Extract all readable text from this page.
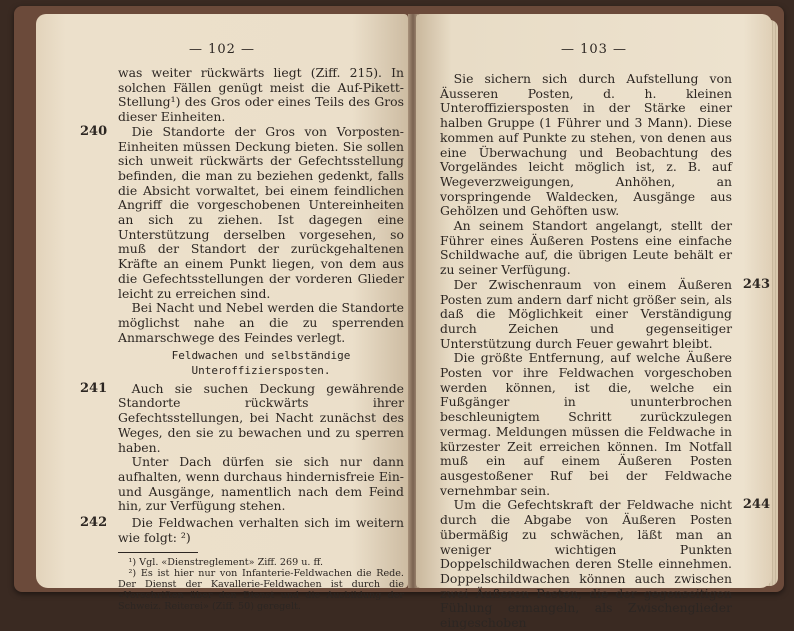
— 102 —

was weiter rückwärts liegt (Ziff. 215). In solchen Fällen genügt meist die Auf-Pikett-Stellung¹) des Gros oder eines Teils des Gros dieser Einheiten.

240	Die Standorte der Gros von Vorposten-Einheiten müssen Deckung bieten. Sie sollen sich unweit rückwärts der Gefechtsstellung befinden, die man zu beziehen gedenkt, falls die Absicht vorwaltet, bei einem feindlichen Angriff die vorgeschobenen Untereinheiten an sich zu ziehen. Ist dagegen eine Unterstützung derselben vorgesehen, so muß der Standort der zurückgehaltenen Kräfte an einem Punkt liegen, von dem aus die Gefechtsstellungen der vorderen Glieder leicht zu erreichen sind.

Bei Nacht und Nebel werden die Standorte möglichst nahe an die zu sperrenden Anmarschwege des Feindes verlegt.

Feldwachen und selbständige Unteroffiziersposten.
241	Auch sie suchen Deckung gewährende Standorte rückwärts ihrer Gefechtsstellungen, bei Nacht zunächst des Weges, den sie zu bewachen und zu sperren haben.

Unter Dach dürfen sie sich nur dann aufhalten, wenn durchaus hindernisfreie Ein- und Ausgänge, namentlich nach dem Feind hin, zur Verfügung stehen.

242	Die Feldwachen verhalten sich im weitern wie folgt: ²)

¹) Vgl. «Dienstreglement» Ziff. 269 u. ff.

²) Es ist hier nur von Infanterie-Feldwachen die Rede. Der Dienst der Kavallerie-Feldwachen ist durch die «Vorschriften über den Dienst und die Ausbildung der Schweiz. Reiterei» (Ziff. 50) geregelt.

— 103 —

Sie sichern sich durch Aufstellung von Äusseren Posten, d. h. kleinen Unteroffiziersposten in der Stärke einer halben Gruppe (1 Führer und 3 Mann). Diese kommen auf Punkte zu stehen, von denen aus eine Überwachung und Beobachtung des Vorgeländes leicht möglich ist, z. B. auf Wegeverzweigungen, Anhöhen, an vorspringende Waldecken, Ausgänge aus Gehölzen und Gehöften usw.

An seinem Standort angelangt, stellt der Führer eines Äußeren Postens eine einfache Schildwache auf, die übrigen Leute behält er zu seiner Verfügung.

243

Der Zwischenraum von einem Äußeren Posten zum andern darf nicht größer sein, als daß die Möglichkeit einer Verständigung durch Zeichen und gegenseitiger Unterstützung durch Feuer gewahrt bleibt.

Die größte Entfernung, auf welche Äußere Posten vor ihre Feldwachen vorgeschoben werden können, ist die, welche ein Fußgänger in ununterbrochen beschleunigtem Schritt zurückzulegen vermag. Meldungen müssen die Feldwache in kürzester Zeit erreichen können. Im Notfall muß ein auf einem Äußeren Posten ausgestoßener Ruf bei der Feldwache vernehmbar sein.

244

Um die Gefechtskraft der Feldwache nicht durch die Abgabe von Äußeren Posten übermäßig zu schwächen, läßt man an weniger wichtigen Punkten Doppelschildwachen deren Stelle einnehmen. Doppelschildwachen können auch zwischen zwei Äußeren Posten, die der gegenseitigen Fühlung ermangeln, als Zwischenglieder eingeschoben
